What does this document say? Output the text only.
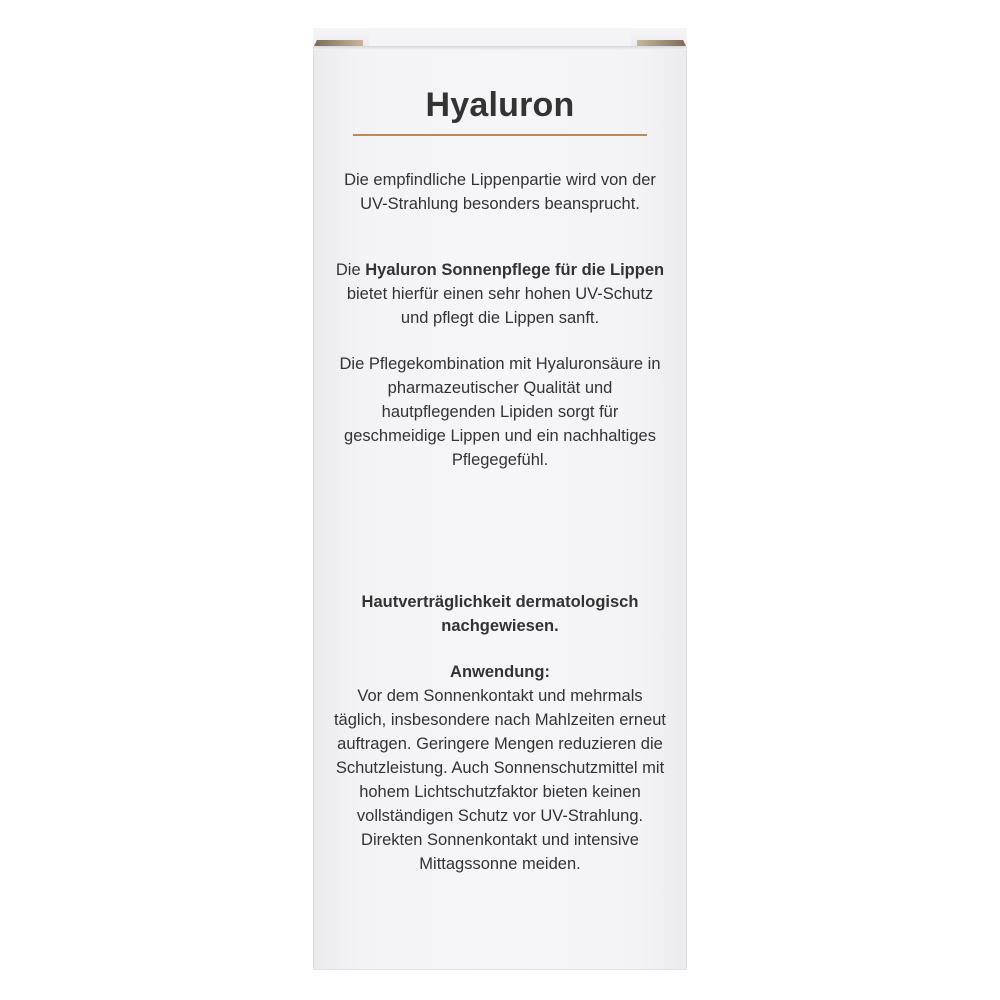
Hyaluron

Die empfindliche Lippenpartie wird von der UV-Strahlung besonders beansprucht.

Die Hyaluron Sonnenpflege für die Lippen bietet hierfür einen sehr hohen UV-Schutz und pflegt die Lippen sanft.

Die Pflegekombination mit Hyaluronsäure in pharmazeutischer Qualität und hautpflegenden Lipiden sorgt für geschmeidige Lippen und ein nachhaltiges Pflegegefühl.

Hautverträglichkeit dermatologisch nachgewiesen.

Anwendung:

Vor dem Sonnenkontakt und mehrmals täglich, insbesondere nach Mahlzeiten erneut auftragen. Geringere Mengen reduzieren die Schutzleistung. Auch Sonnenschutzmittel mit hohem Lichtschutzfaktor bieten keinen vollständigen Schutz vor UV-Strahlung. Direkten Sonnenkontakt und intensive Mittagssonne meiden.
